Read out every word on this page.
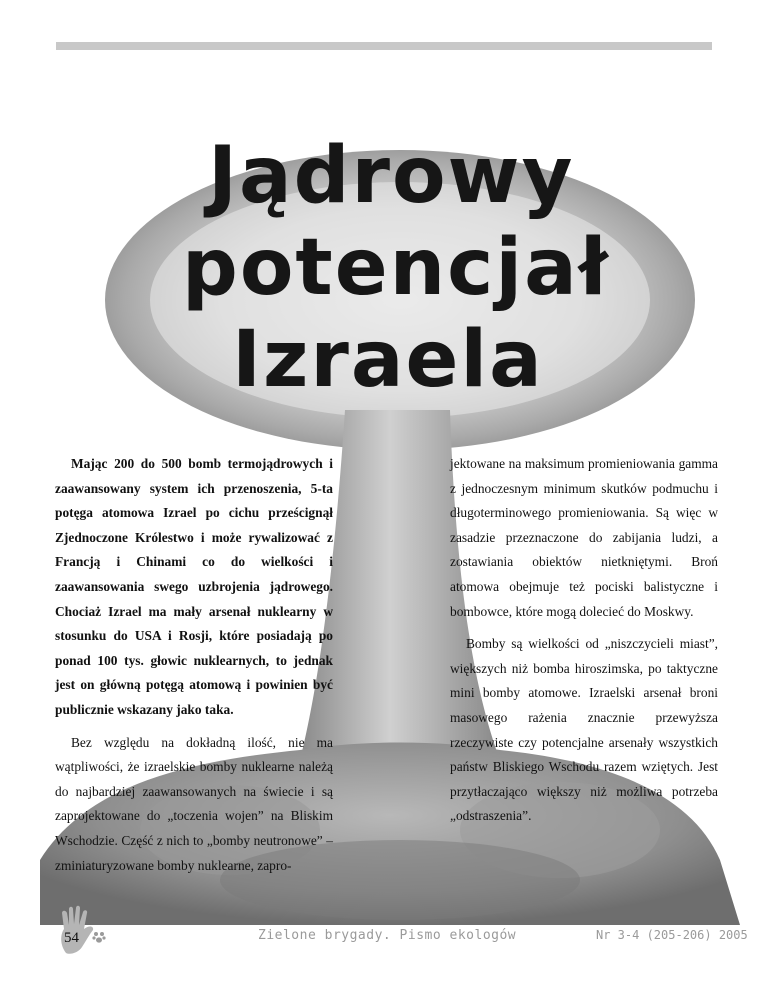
Jądrowy
potencjał
Izraela

Mając 200 do 500 bomb termojądrowych i zaawansowany system ich przenoszenia, 5-ta potęga atomowa Izrael po cichu prześcignął Zjednoczone Królestwo i może rywalizować z Francją i Chinami co do wielkości i zaawansowania swego uzbrojenia jądrowego. Chociaż Izrael ma mały arsenał nuklearny w stosunku do USA i Rosji, które posiadają po ponad 100 tys. głowic nuklearnych, to jednak jest on główną potęgą atomową i powinien być publicznie wskazany jako taka.

Bez względu na dokładną ilość, nie ma wątpliwości, że izraelskie bomby nuklearne należą do najbardziej zaawansowanych na świecie i są zaprojektowane do „toczenia wojen” na Bliskim Wschodzie. Część z nich to „bomby neutronowe” – zminiaturyzowane bomby nuklearne, zapro-

jektowane na maksimum promieniowania gamma z jednoczesnym minimum skutków podmuchu i długoterminowego promieniowania. Są więc w zasadzie przeznaczone do zabijania ludzi, a zostawiania obiektów nietkniętymi. Broń atomowa obejmuje też pociski balistyczne i bombowce, które mogą dolecieć do Moskwy.

Bomby są wielkości od „niszczycieli miast”, większych niż bomba hiroszimska, po taktyczne mini bomby atomowe. Izraelski arsenał broni masowego rażenia znacznie przewyższa rzeczywiste czy potencjalne arsenały wszystkich państw Bliskiego Wschodu razem wziętych. Jest przytłaczająco większy niż możliwa potrzeba „odstraszenia”.

54	Zielone brygady. Pismo ekologów	Nr 3-4 (205-206) 2005
